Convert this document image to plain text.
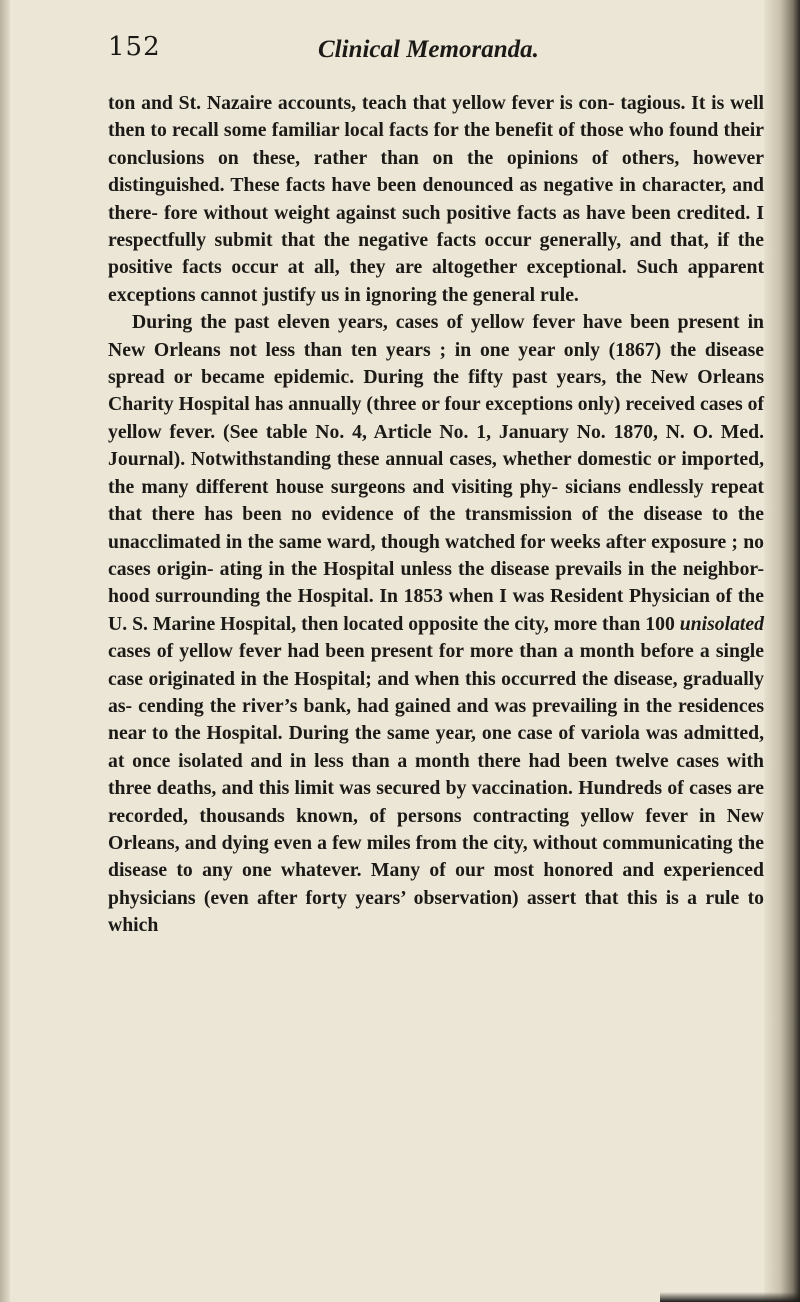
152	Clinical Memoranda.

ton and St. Nazaire accounts, teach that yellow fever is con- tagious. It is well then to recall some familiar local facts for the benefit of those who found their conclusions on these, rather than on the opinions of others, however distinguished. These facts have been denounced as negative in character, and there- fore without weight against such positive facts as have been credited. I respectfully submit that the negative facts occur generally, and that, if the positive facts occur at all, they are altogether exceptional. Such apparent exceptions cannot justify us in ignoring the general rule.

During the past eleven years, cases of yellow fever have been present in New Orleans not less than ten years ; in one year only (1867) the disease spread or became epidemic. During the fifty past years, the New Orleans Charity Hospital has annually (three or four exceptions only) received cases of yellow fever. (See table No. 4, Article No. 1, January No. 1870, N. O. Med. Journal). Notwithstanding these annual cases, whether domestic or imported, the many different house surgeons and visiting phy- sicians endlessly repeat that there has been no evidence of the transmission of the disease to the unacclimated in the same ward, though watched for weeks after exposure ; no cases origin- ating in the Hospital unless the disease prevails in the neighbor- hood surrounding the Hospital. In 1853 when I was Resident Physician of the U. S. Marine Hospital, then located opposite the city, more than 100 unisolated cases of yellow fever had been present for more than a month before a single case originated in the Hospital; and when this occurred the disease, gradually as- cending the river’s bank, had gained and was prevailing in the residences near to the Hospital. During the same year, one case of variola was admitted, at once isolated and in less than a month there had been twelve cases with three deaths, and this limit was secured by vaccination. Hundreds of cases are recorded, thousands known, of persons contracting yellow fever in New Orleans, and dying even a few miles from the city, without communicating the disease to any one whatever. Many of our most honored and experienced physicians (even after forty years’ observation) assert that this is a rule to which
